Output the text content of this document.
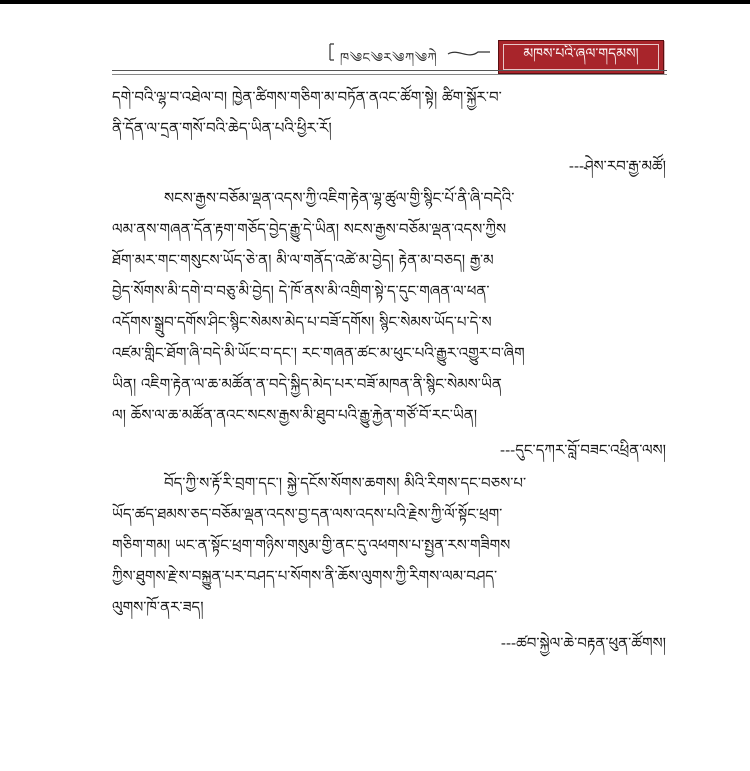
ཁ༄ང༄ར༄ཀ༄ཀེ	མཁས་པའི་ཞལ་གདམས།
དགེ་བའི་ལྷ་བ་འཐེལ་བ། ཁྱེན་ཚིགས་གཅིག་མ་བཏོན་ནའང་ཚོག་སྟེ། ཚིག་སྐྱོར་བ་
ནི་དོན་ལ་དྲན་གསོ་བའི་ཆེད་ཡིན་པའི་ཕྱིར་རོ།
---ཤེས་རབ་རྒྱ་མཚོ།
སངས་རྒྱས་བཅོམ་ལྡན་འདས་ཀྱི་འཇིག་རྟེན་ལྷ་ཚུལ་གྱི་སྙིང་པོ་ནི་ཞི་བདེའི་
ལམ་ནས་གཞན་དོན་རྟག་གཅོད་བྱེད་རྒྱུ་དེ་ཡིན། སངས་རྒྱས་བཅོམ་ལྡན་འདས་ཀྱིས
ཐོག་མར་གང་གསུངས་ཡོད་ཅེ་ན། མི་ལ་གནོད་འཚེ་མ་བྱེད། རྟེན་མ་བཅད། རྒྱ་མ
བྱེད་སོགས་མི་དགེ་བ་བཅུ་མི་བྱེད། དེ་ཁོ་ནས་མི་འགྲིག་སྟེ་ད་དུང་གཞན་ལ་ཕན་
འདོགས་སྒྲུབ་དགོས་ཤིང་སྙིང་སེམས་མེད་པ་བཟོ་དགོས། སྙིང་སེམས་ཡོད་པ་དེ་ས
འཛམ་གླིང་ཐོག་ཞི་བདེ་མི་ཡོང་བ་དང་། རང་གཞན་ཚང་མ་ཕུང་པའི་རྒྱུར་འགྱུར་བ་ཞིག
ཡིན། འཇིག་རྟེན་ལ་ཆ་མཚོན་ན་བདེ་སྐྱིད་མེད་པར་བཟོ་མཁན་ནི་སྙིང་སེམས་ཡིན
ལ། ཆོས་ལ་ཆ་མཚོན་ནའང་སངས་རྒྱས་མི་ཐུབ་པའི་རྒྱུ་རྐྱེན་གཙོ་བོ་རང་ཡིན།
---དུང་དཀར་བློ་བཟང་འཕྲིན་ལས།
བོད་ཀྱི་ས་རྟོ་རི་བྲག་དང་། སྐྱེ་དངོས་སོགས་ཆགས། མིའི་རིགས་དང་བཅས་པ་
ཡོད་ཚད་ཐམས་ཅད་བཅོམ་ལྡན་འདས་བྱ་དན་ལས་འདས་པའི་རྗེས་ཀྱི་ལོ་སྟོང་ཕྲག་
གཅིག་གམ། ཡང་ན་སྟོང་ཕྲག་གཉིས་གསུམ་གྱི་ནང་དུ་འཕགས་པ་སྤྱན་རས་གཟིགས
ཀྱིས་ཐུགས་རྗེ་ས་བསྐྱུན་པར་བཤད་པ་སོགས་ནི་ཆོས་ལུགས་ཀྱི་རིགས་ལམ་བཤད་
ལུགས་ཁོ་ནར་ཟད།
---ཚབ་སྐྱེལ་ཆེ་བརྟན་ཕུན་ཚོགས།
